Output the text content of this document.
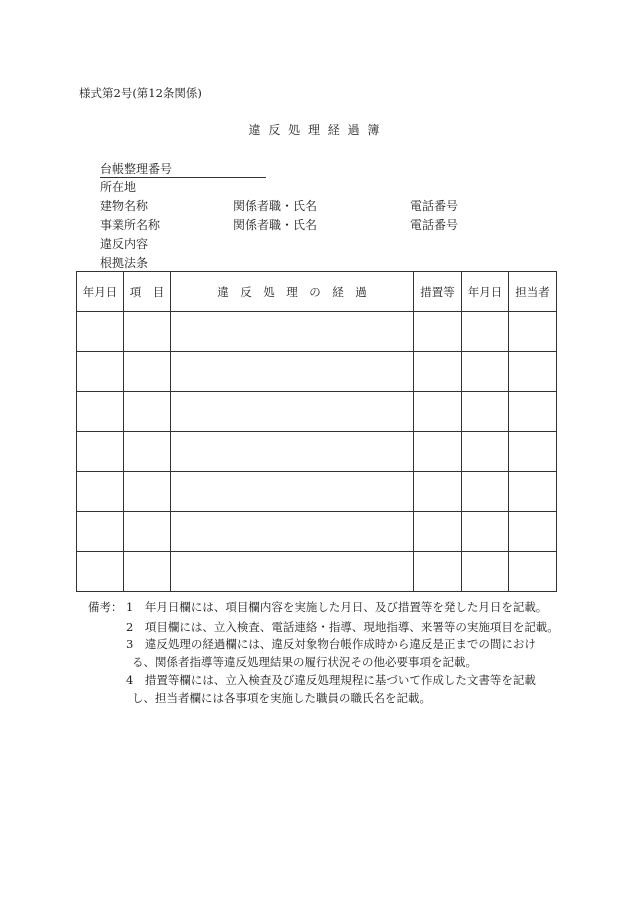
様式第2号(第12条関係)
違 反 処 理 経 過 簿
台帳整理番号
所在地
建物名称	関係者職・氏名	電話番号
事業所名称	関係者職・氏名	電話番号
違反内容
根拠法条
年月日	項　目	違　反　処　理　の　経　過	措置等	年月日	担当者

備考： 1　年月日欄には、項目欄内容を実施した月日、及び措置等を発した月日を記載。
2　項目欄には、立入検査、電話連絡・指導、現地指導、来署等の実施項目を記載。
3　違反処理の経過欄には、違反対象物台帳作成時から違反是正までの間におけ
る、関係者指導等違反処理結果の履行状況その他必要事項を記載。
4　措置等欄には、立入検査及び違反処理規程に基づいて作成した文書等を記載
し、担当者欄には各事項を実施した職員の職氏名を記載。
